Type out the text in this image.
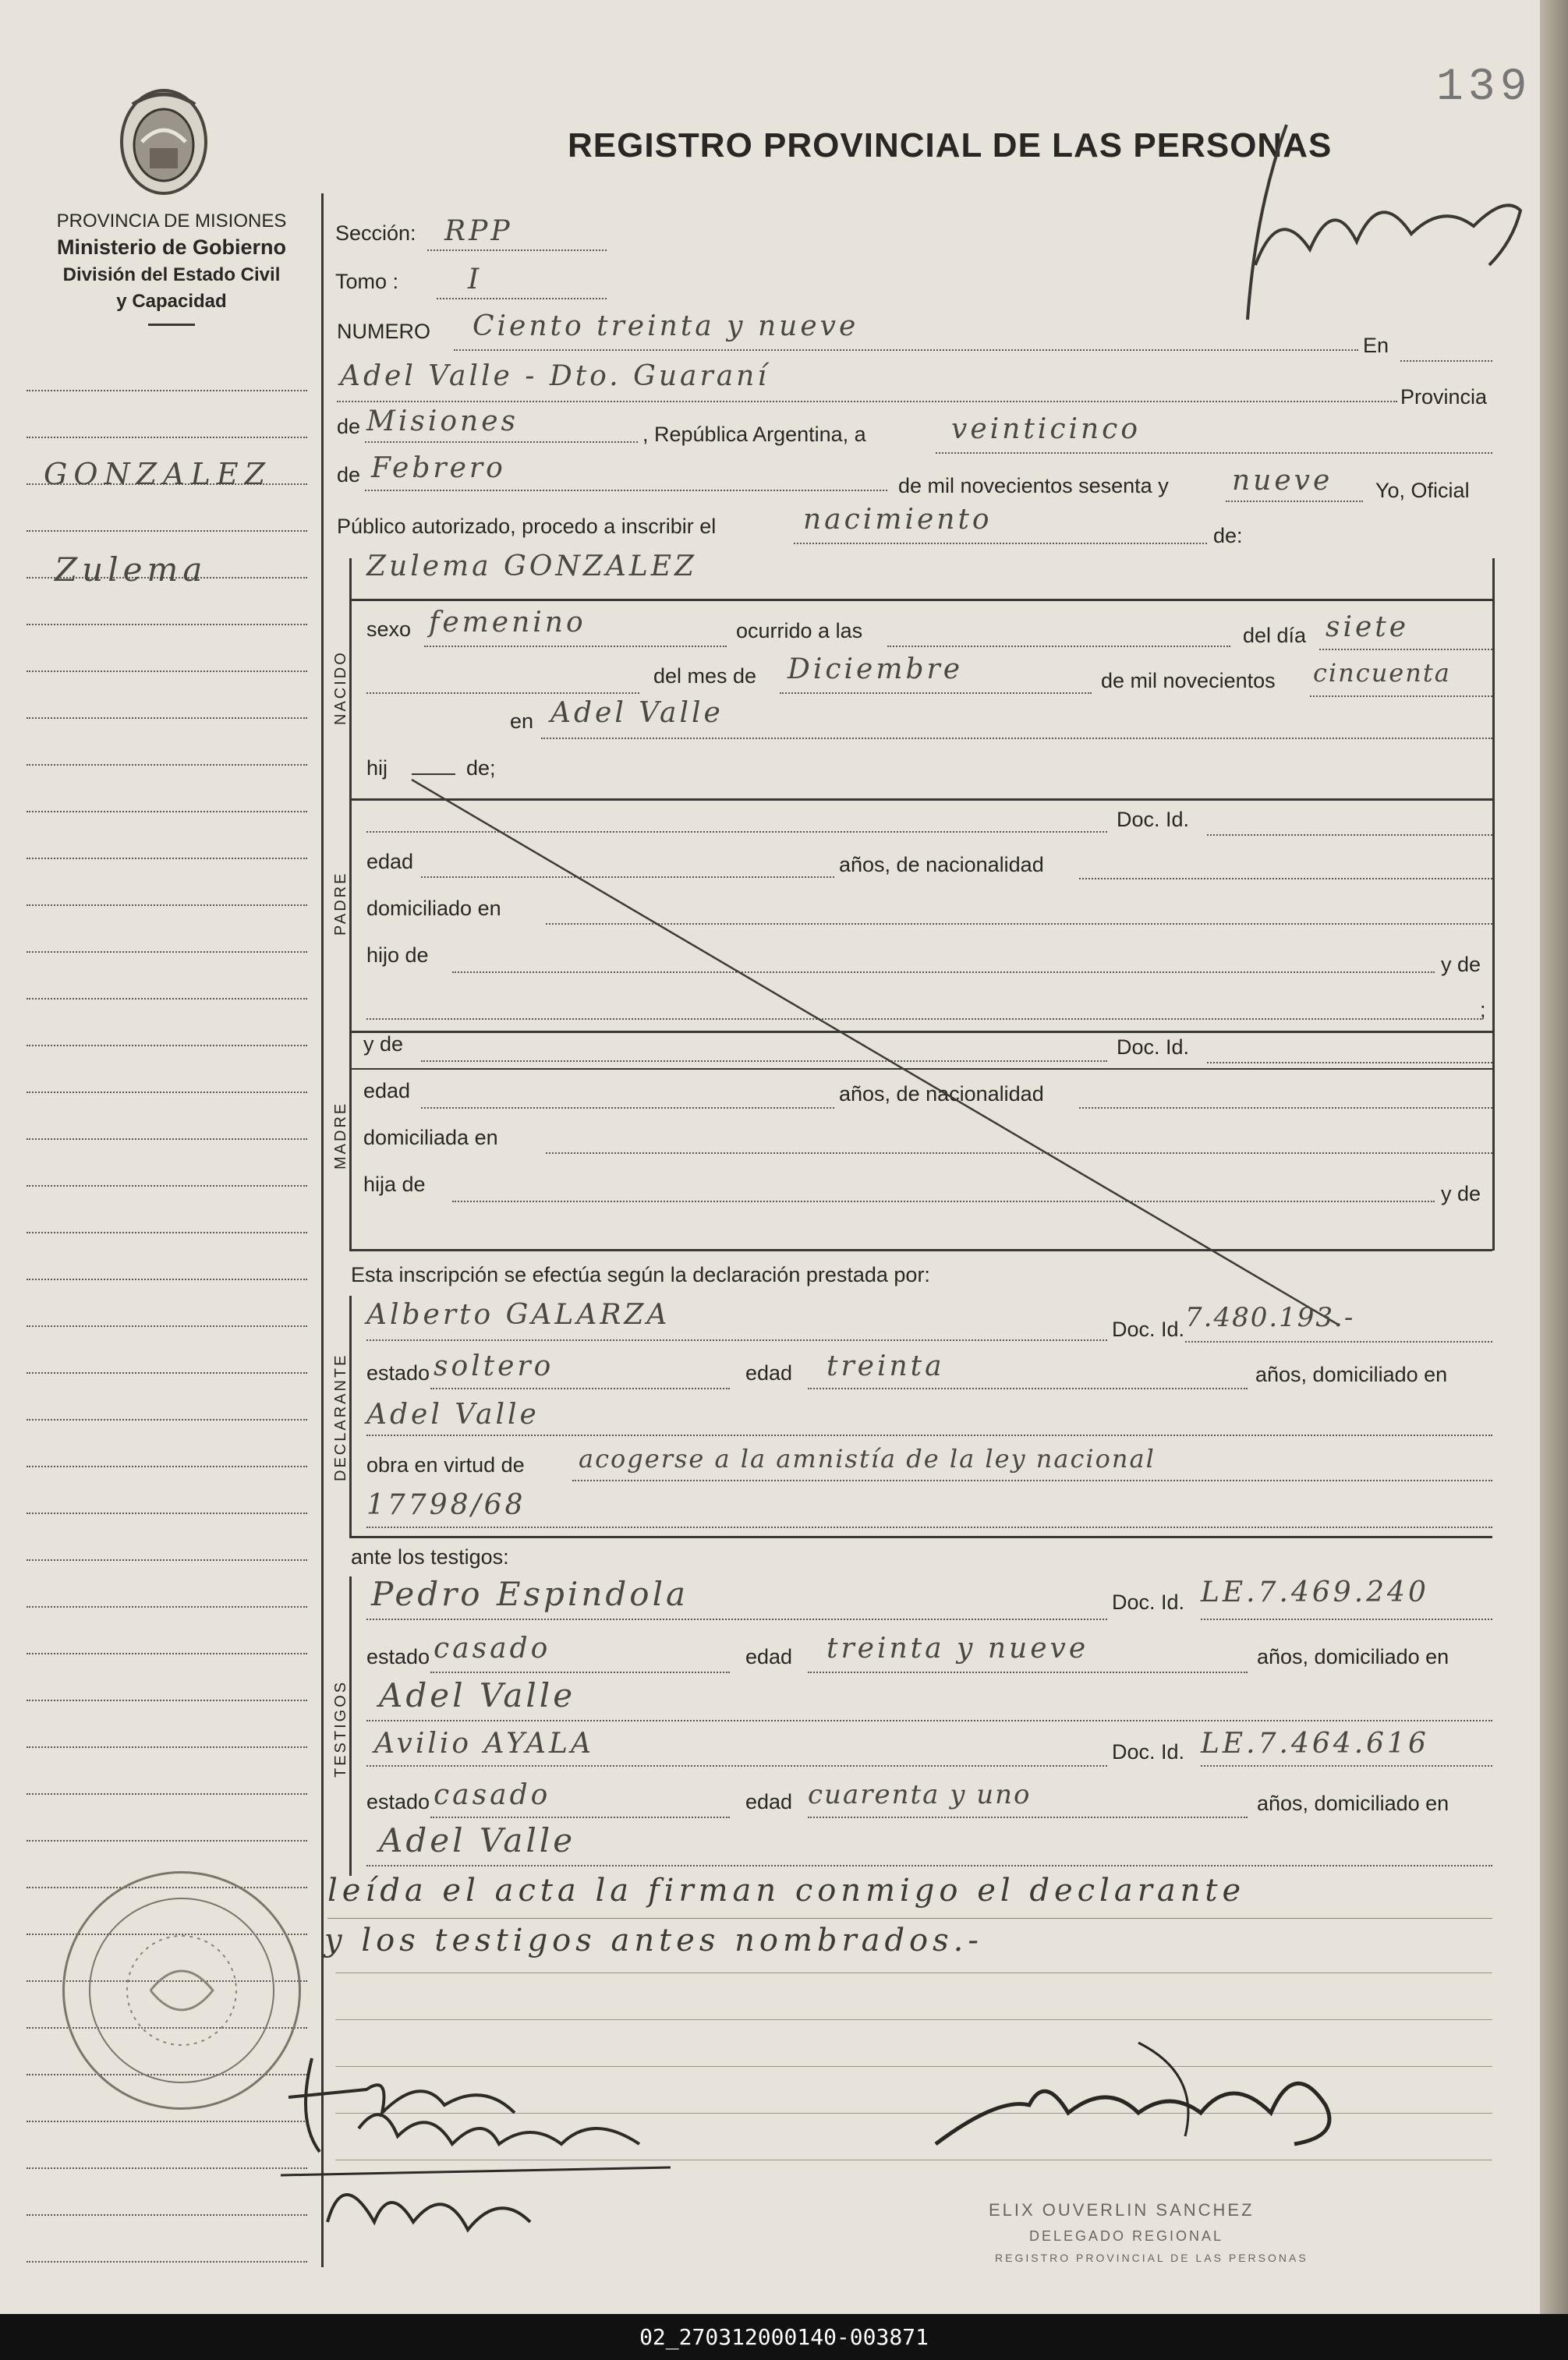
139
REGISTRO PROVINCIAL DE LAS PERSONAS
PROVINCIA DE MISIONES
Ministerio de Gobierno
División del Estado Civil
y Capacidad
GONZALEZ
Zulema
Sección: RPP
Tomo : I
NUMERO Ciento treinta y nueve
En
Adel Valle - Dto. Guaraní
Provincia
de Misiones	, República Argentina, a	veinticinco
de Febrero
de mil novecientos sesenta y nueve Yo, Oficial
Público autorizado, procedo a inscribir el	nacimiento	de:
Zulema GONZALEZ
NACIDO
sexo femenino	ocurrido a las	del día siete
del mes de Diciembre	de mil novecientos cincuenta
en Adel Valle
hij	de;
PADRE
Doc. Id.
edad	años, de nacionalidad
domiciliado en
hijo de	y de
;
MADRE
y de	Doc. Id.
edad	años, de nacionalidad
domiciliada en
hija de	y de
Esta inscripción se efectúa según la declaración prestada por:
DECLARANTE
Alberto GALARZA	Doc. Id. 7.480.193.-
estado soltero	edad treinta	años, domiciliado en
Adel Valle
obra en virtud de acogerse a la amnistía de la ley nacional
17798/68
ante los testigos:
TESTIGOS
Pedro Espindola	Doc. Id. LE.7.469.240
estado casado	edad treinta y nueve	años, domiciliado en
Adel Valle
Avilio AYALA	Doc. Id. LE.7.464.616
estado casado	edad cuarenta y uno	años, domiciliado en
Adel Valle
leída el acta la firman conmigo el declarante
y los testigos antes nombrados.-
ELIX OUVERLIN SANCHEZ
DELEGADO REGIONAL
REGISTRO PROVINCIAL DE LAS PERSONAS
02_270312000140-003871
